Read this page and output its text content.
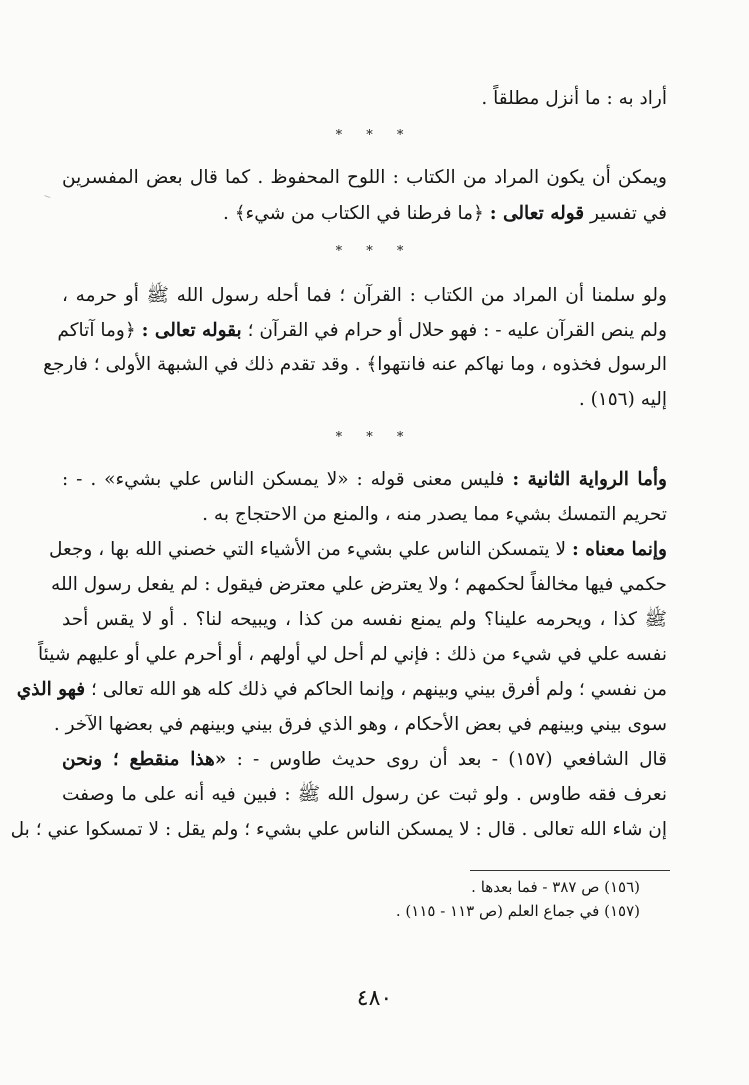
أراد به : ما أنزل مطلقاً .
* * *
ويمكن أن يكون المراد من الكتاب : اللوح المحفوظ . كما قال بعض المفسرين
في تفسير قوله تعالى : ﴿ما فرطنا في الكتاب من شيء﴾ .
* * *
ولو سلمنا أن المراد من الكتاب : القرآن ؛ فما أحله رسول الله ﷺ أو حرمه ،
ولم ينص القرآن عليه - : فهو حلال أو حرام في القرآن ؛ بقوله تعالى : ﴿وما آتاكم
الرسول فخذوه ، وما نهاكم عنه فانتهوا﴾ . وقد تقدم ذلك في الشبهة الأولى ؛ فارجع
إليه (١٥٦) .
* * *
وأما الرواية الثانية : فليس معنى قوله : «لا يمسكن الناس علي بشيء» . - :
تحريم التمسك بشيء مما يصدر منه ، والمنع من الاحتجاج به .
وإنما معناه : لا يتمسكن الناس علي بشيء من الأشياء التي خصني الله بها ، وجعل
حكمي فيها مخالفاً لحكمهم ؛ ولا يعترض علي معترض فيقول : لم يفعل رسول الله
ﷺ كذا ، ويحرمه علينا؟ ولم يمنع نفسه من كذا ، ويبيحه لنا؟ . أو لا يقس أحد
نفسه علي في شيء من ذلك : فإني لم أحل لي أولهم ، أو أحرم علي أو عليهم شيئاً
من نفسي ؛ ولم أفرق بيني وبينهم ، وإنما الحاكم في ذلك كله هو الله تعالى ؛ فهو الذي
سوى بيني وبينهم في بعض الأحكام ، وهو الذي فرق بيني وبينهم في بعضها الآخر .
قال الشافعي (١٥٧) - بعد أن روى حديث طاوس - : «هذا منقطع ؛ ونحن
نعرف فقه طاوس . ولو ثبت عن رسول الله ﷺ : فبين فيه أنه على ما وصفت
إن شاء الله تعالى . قال : لا يمسكن الناس علي بشيء ؛ ولم يقل : لا تمسكوا عني ؛ بل
(١٥٦) ص ٣٨٧ - فما بعدها .
(١٥٧) في جماع العلم (ص ١١٣ - ١١٥) .
٤٨٠
